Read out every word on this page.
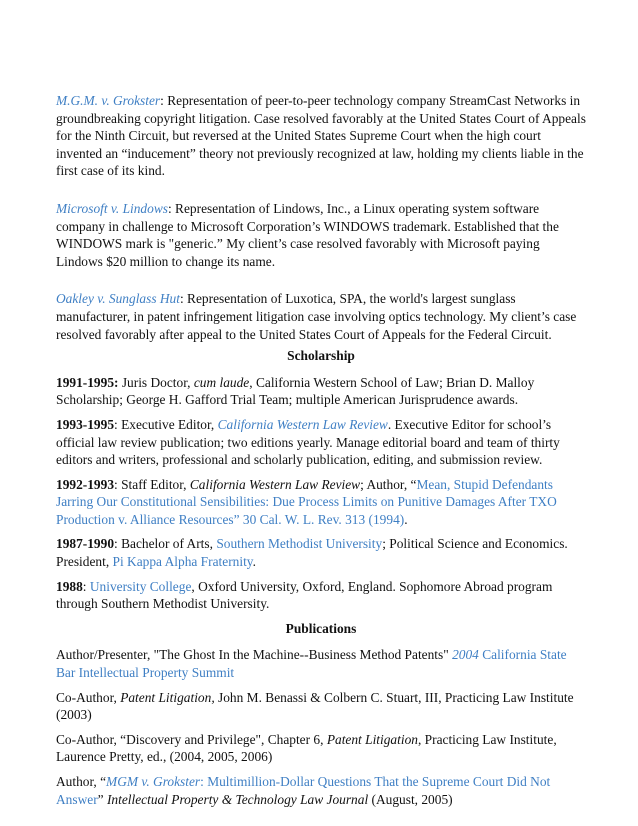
M.G.M. v. Grokster: Representation of peer-to-peer technology company StreamCast Networks in groundbreaking copyright litigation. Case resolved favorably at the United States Court of Appeals for the Ninth Circuit, but reversed at the United States Supreme Court when the high court invented an “inducement” theory not previously recognized at law, holding my clients liable in the first case of its kind.

Microsoft v. Lindows: Representation of Lindows, Inc., a Linux operating system software company in challenge to Microsoft Corporation’s WINDOWS trademark. Established that the WINDOWS mark is "generic.” My client’s case resolved favorably with Microsoft paying Lindows $20 million to change its name.

Oakley v. Sunglass Hut: Representation of Luxotica, SPA, the world's largest sunglass manufacturer, in patent infringement litigation case involving optics technology. My client’s case resolved favorably after appeal to the United States Court of Appeals for the Federal Circuit.

Scholarship

1991-1995: Juris Doctor, cum laude, California Western School of Law; Brian D. Malloy Scholarship; George H. Gafford Trial Team; multiple American Jurisprudence awards.

1993-1995: Executive Editor, California Western Law Review. Executive Editor for school’s official law review publication; two editions yearly. Manage editorial board and team of thirty editors and writers, professional and scholarly publication, editing, and submission review.

1992-1993: Staff Editor, California Western Law Review; Author, “Mean, Stupid Defendants Jarring Our Constitutional Sensibilities: Due Process Limits on Punitive Damages After TXO Production v. Alliance Resources” 30 Cal. W. L. Rev. 313 (1994).

1987-1990: Bachelor of Arts, Southern Methodist University; Political Science and Economics. President, Pi Kappa Alpha Fraternity.

1988: University College, Oxford University, Oxford, England. Sophomore Abroad program through Southern Methodist University.

Publications

Author/Presenter, "The Ghost In the Machine--Business Method Patents" 2004 California State Bar Intellectual Property Summit

Co-Author, Patent Litigation, John M. Benassi & Colbern C. Stuart, III, Practicing Law Institute (2003)

Co-Author, “Discovery and Privilege", Chapter 6, Patent Litigation, Practicing Law Institute, Laurence Pretty, ed., (2004, 2005, 2006)

Author, “MGM v. Grokster: Multimillion-Dollar Questions That the Supreme Court Did Not Answer” Intellectual Property & Technology Law Journal (August, 2005)
